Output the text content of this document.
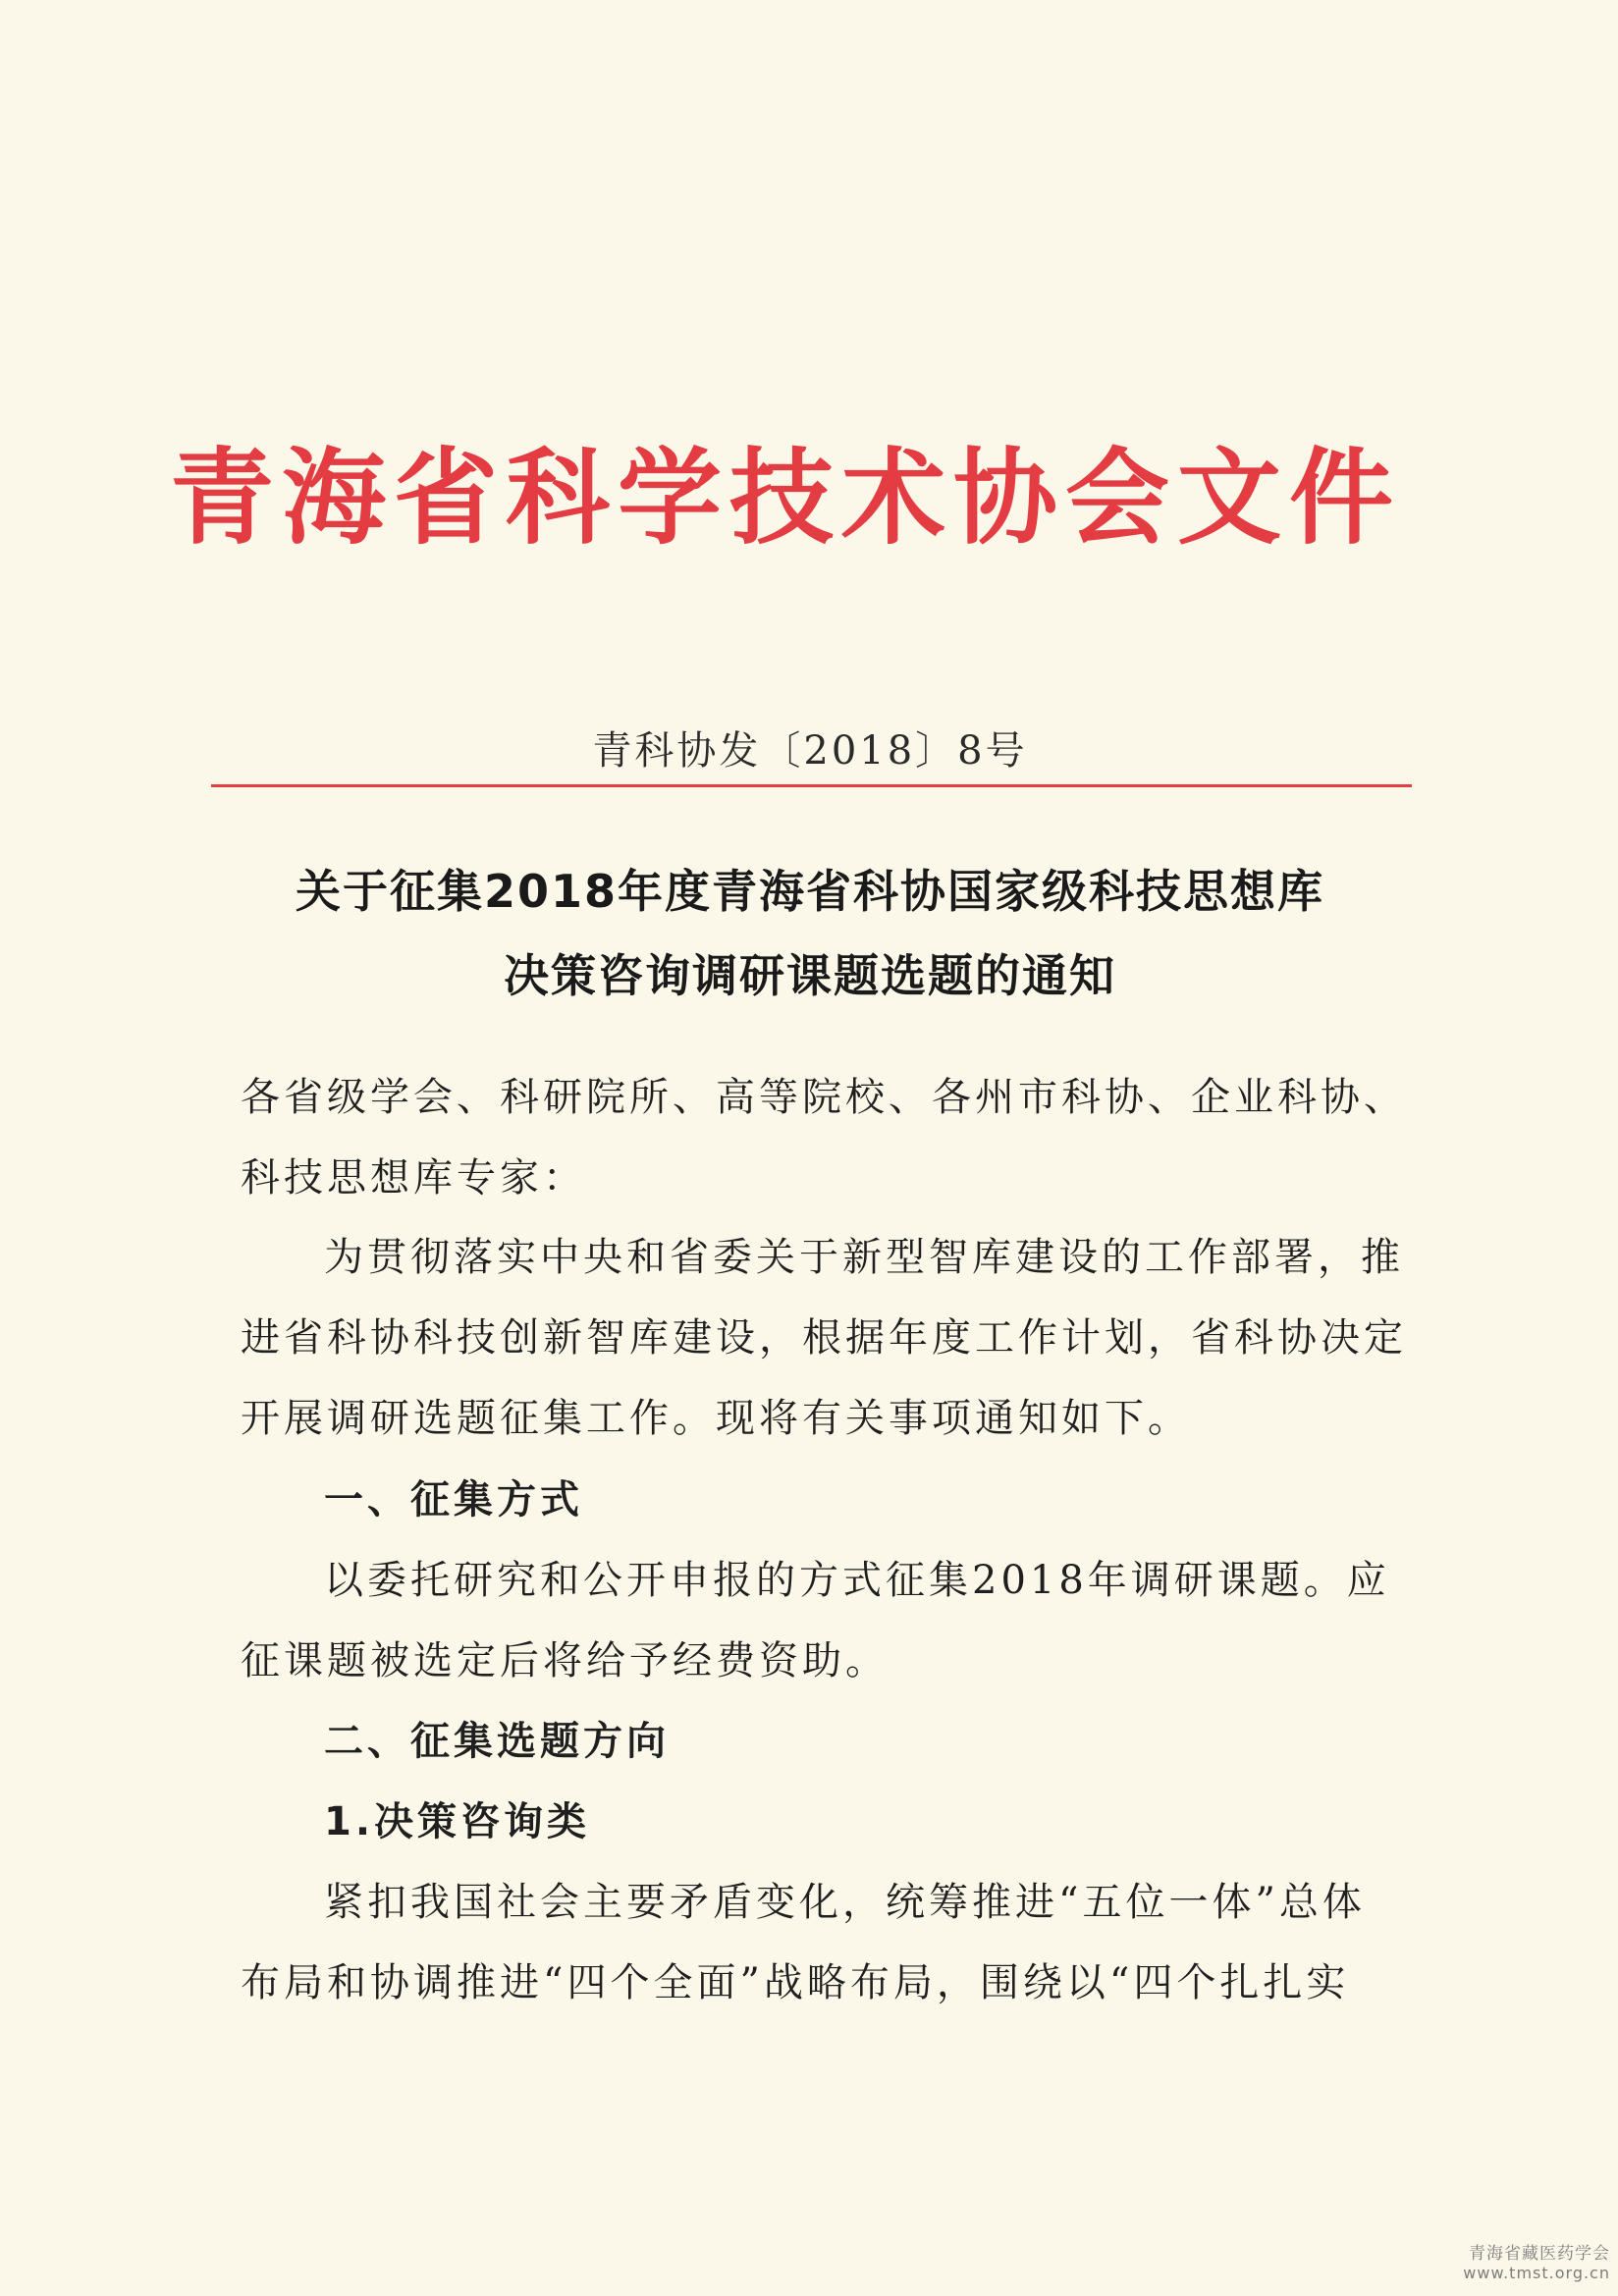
青海省科学技术协会文件
青科协发〔2018〕8号
关于征集2018年度青海省科协国家级科技思想库
决策咨询调研课题选题的通知
各省级学会、科研院所、高等院校、各州市科协、企业科协、
科技思想库专家：
为贯彻落实中央和省委关于新型智库建设的工作部署，推
进省科协科技创新智库建设，根据年度工作计划，省科协决定
开展调研选题征集工作。现将有关事项通知如下。
一、征集方式
以委托研究和公开申报的方式征集2018年调研课题。应
征课题被选定后将给予经费资助。
二、征集选题方向
1.决策咨询类
紧扣我国社会主要矛盾变化，统筹推进“五位一体”总体
布局和协调推进“四个全面”战略布局，围绕以“四个扎扎实
青海省藏医药学会
www.tmst.org.cn
